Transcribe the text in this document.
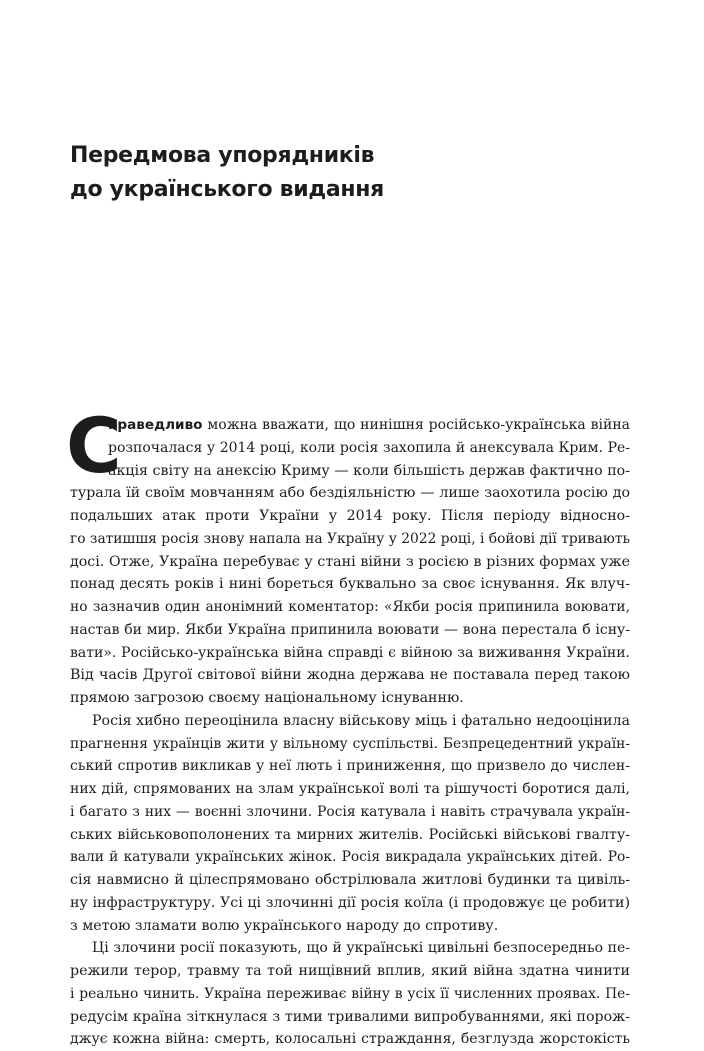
Передмова упорядників
до українського видання
С
праведливо можна вважати, що нинішня російсько-українська війна
розпочалася у 2014 році, коли росія захопила й анексувала Крим. Ре-
акція світу на анексію Криму — коли більшість держав фактично по-
турала їй своїм мовчанням або бездіяльністю — лише заохотила росію до
подальших атак проти України у 2014 року. Після періоду відносно-
го затишшя росія знову напала на Україну у 2022 році, і бойові дії тривають
досі. Отже, Україна перебуває у стані війни з росією в різних формах уже
понад десять років і нині бореться буквально за своє існування. Як влуч-
но зазначив один анонімний коментатор: «Якби росія припинила воювати,
настав би мир. Якби Україна припинила воювати — вона перестала б існу-
вати». Російсько-українська війна справді є війною за виживання України.
Від часів Другої світової війни жодна держава не поставала перед такою
прямою загрозою своєму національному існуванню.
Росія хибно переоцінила власну військову міць і фатально недооцінила
прагнення українців жити у вільному суспільстві. Безпрецедентний україн-
ський спротив викликав у неї лють і приниження, що призвело до числен-
них дій, спрямованих на злам української волі та рішучості боротися далі,
і багато з них — воєнні злочини. Росія катувала і навіть страчувала україн-
ських військовополонених та мирних жителів. Російські військові гвалту-
вали й катували українських жінок. Росія викрадала українських дітей. Ро-
сія навмисно й цілеспрямовано обстрілювала житлові будинки та цивіль-
ну інфраструктуру. Усі ці злочинні дії росія коїла (і продовжує це робити)
з метою зламати волю українського народу до спротиву.
Ці злочини росії показують, що й українські цивільні безпосередньо пе-
режили терор, травму та той нищівний вплив, який війна здатна чинити
і реально чинить. Україна переживає війну в усіх її численних проявах. Пе-
редусім країна зіткнулася з тими тривалими випробуваннями, які порож-
джує кожна війна: смерть, колосальні страждання, безглузда жорстокість
